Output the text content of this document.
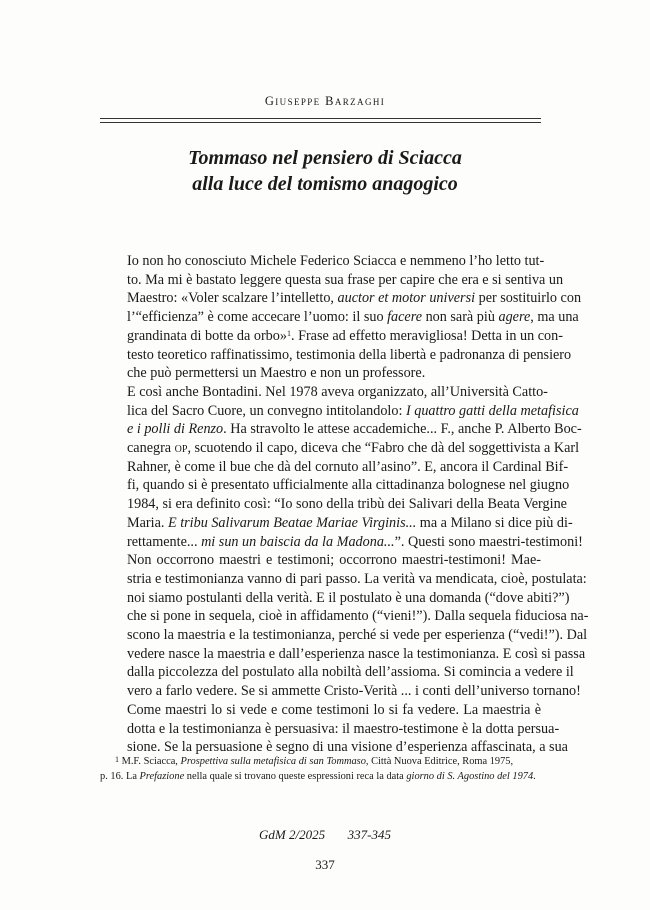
Giuseppe Barzaghi
Tommaso nel pensiero di Sciacca
alla luce del tomismo anagogico

Io non ho conosciuto Michele Federico Sciacca e nemmeno l’ho letto tut-
to. Ma mi è bastato leggere questa sua frase per capire che era e si sentiva un
Maestro: «Voler scalzare l’intelletto, auctor et motor universi per sostituirlo con
l’“efficienza” è come accecare l’uomo: il suo facere non sarà più agere, ma una
grandinata di botte da orbo»$^1$. Frase ad effetto meravigliosa! Detta in un con-
testo teoretico raffinatissimo, testimonia della libertà e padronanza di pensiero
che può permettersi un Maestro e non un professore.

E così anche Bontadini. Nel 1978 aveva organizzato, all’Università Catto-
lica del Sacro Cuore, un convegno intitolandolo: I quattro gatti della metafisica
e i polli di Renzo. Ha stravolto le attese accademiche... F., anche P. Alberto Boc-
canegra op, scuotendo il capo, diceva che “Fabro che dà del soggettivista a Karl
Rahner, è come il bue che dà del cornuto all’asino”. E, ancora il Cardinal Bif-
fi, quando si è presentato ufficialmente alla cittadinanza bolognese nel giugno
1984, si era definito così: “Io sono della tribù dei Salivari della Beata Vergine
Maria. E tribu Salivarum Beatae Mariae Virginis... ma a Milano si dice più di-
rettamente... mi sun un baiscia da la Madona...”. Questi sono maestri-testimoni!

Non occorrono maestri e testimoni; occorrono maestri-testimoni! Mae-
stria e testimonianza vanno di pari passo. La verità va mendicata, cioè, postulata:
noi siamo postulanti della verità. E il postulato è una domanda (“dove abiti?”)
che si pone in sequela, cioè in affidamento (“vieni!”). Dalla sequela fiduciosa na-
scono la maestria e la testimonianza, perché si vede per esperienza (“vedi!”). Dal
vedere nasce la maestria e dall’esperienza nasce la testimonianza. E così si passa
dalla piccolezza del postulato alla nobiltà dell’assioma. Si comincia a vedere il
vero a farlo vedere. Se si ammette Cristo-Verità ... i conti dell’universo tornano!

Come maestri lo si vede e come testimoni lo si fa vedere. La maestria è
dotta e la testimonianza è persuasiva: il maestro-testimone è la dotta persua-
sione. Se la persuasione è segno di una visione d’esperienza affascinata, a sua

$^1$ M.F. Sciacca, Prospettiva sulla metafisica di san Tommaso, Città Nuova Editrice, Roma 1975,
p. 16. La Prefazione nella quale si trovano queste espressioni reca la data giorno di S. Agostino del 1974.
GdM 2/2025 337-345
337
